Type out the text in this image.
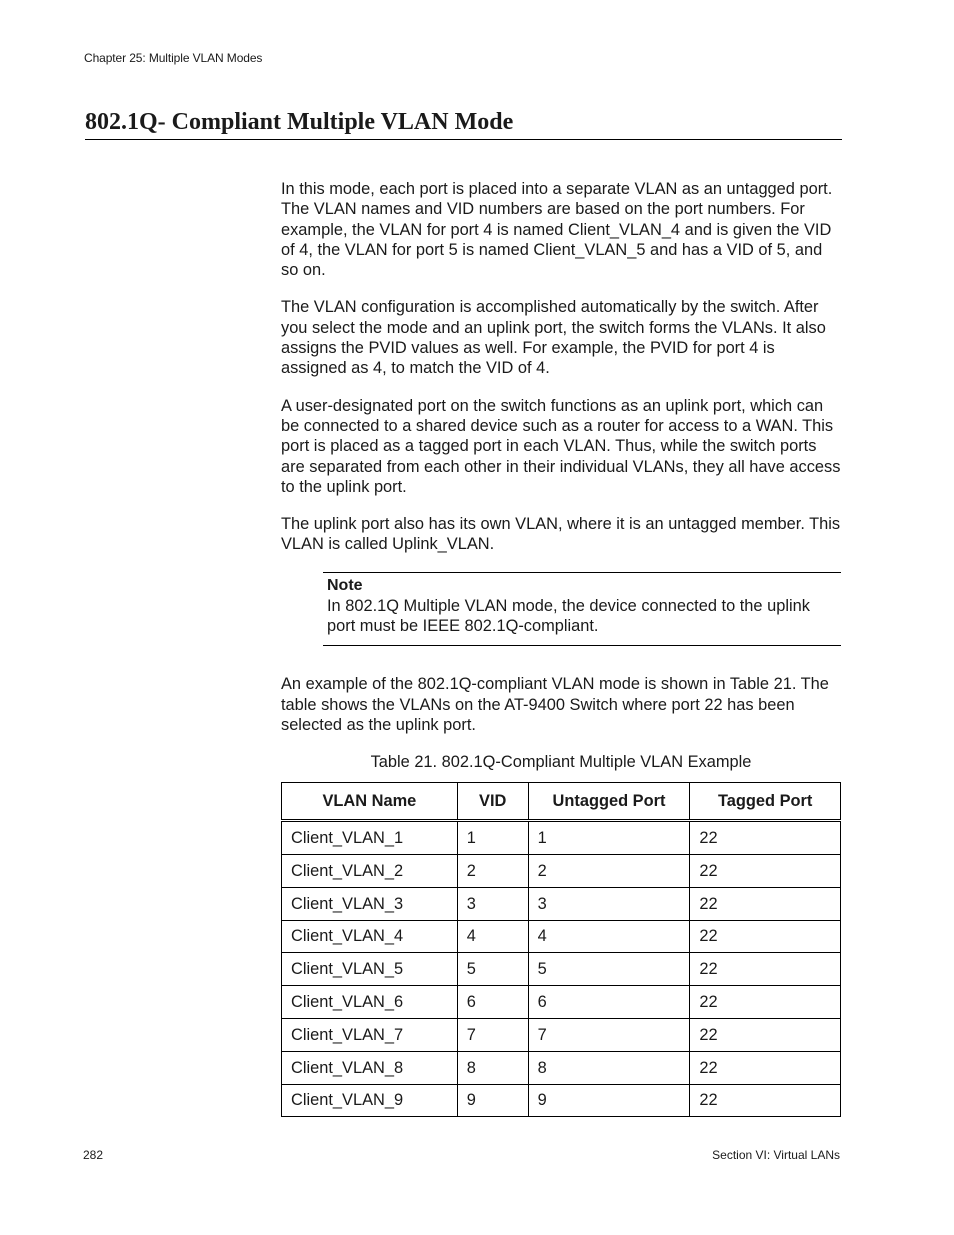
Chapter 25: Multiple VLAN Modes
802.1Q- Compliant Multiple VLAN Mode

In this mode, each port is placed into a separate VLAN as an untagged port. The VLAN names and VID numbers are based on the port numbers. For example, the VLAN for port 4 is named Client_VLAN_4 and is given the VID of 4, the VLAN for port 5 is named Client_VLAN_5 and has a VID of 5, and so on.

The VLAN configuration is accomplished automatically by the switch. After you select the mode and an uplink port, the switch forms the VLANs. It also assigns the PVID values as well. For example, the PVID for port 4 is assigned as 4, to match the VID of 4.

A user-designated port on the switch functions as an uplink port, which can be connected to a shared device such as a router for access to a WAN. This port is placed as a tagged port in each VLAN. Thus, while the switch ports are separated from each other in their individual VLANs, they all have access to the uplink port.

The uplink port also has its own VLAN, where it is an untagged member. This VLAN is called Uplink_VLAN.

Note
In 802.1Q Multiple VLAN mode, the device connected to the uplink port must be IEEE 802.1Q-compliant.

An example of the 802.1Q-compliant VLAN mode is shown in Table 21. The table shows the VLANs on the AT-9400 Switch where port 22 has been selected as the uplink port.

Table 21. 802.1Q-Compliant Multiple VLAN Example
VLAN Name	VID	Untagged Port	Tagged Port
Client_VLAN_1	1	1	22
Client_VLAN_2	2	2	22
Client_VLAN_3	3	3	22
Client_VLAN_4	4	4	22
Client_VLAN_5	5	5	22
Client_VLAN_6	6	6	22
Client_VLAN_7	7	7	22
Client_VLAN_8	8	8	22
Client_VLAN_9	9	9	22
282	Section VI: Virtual LANs
